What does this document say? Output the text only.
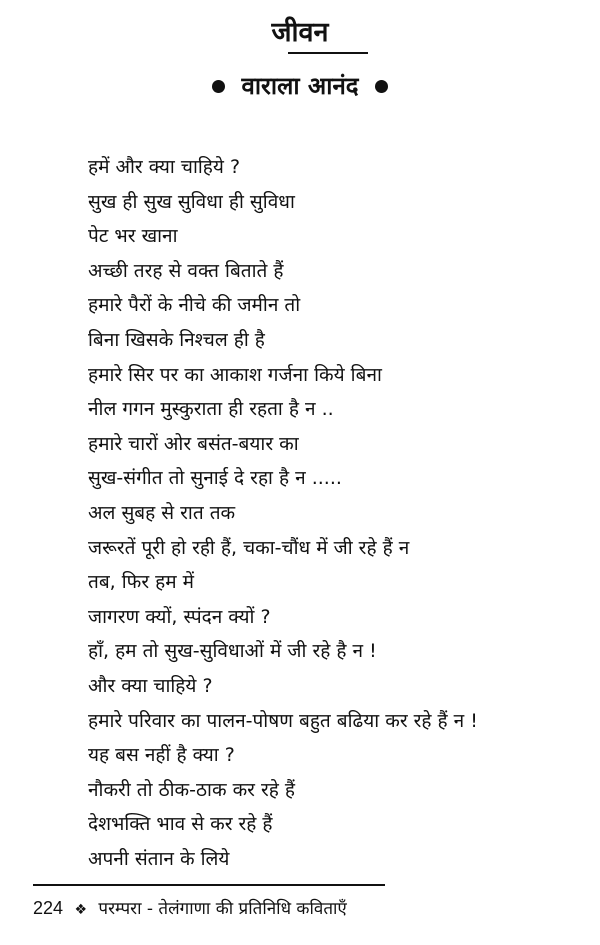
जीवन
वाराला आनंद
हमें और क्या चाहिये ?
सुख ही सुख सुविधा ही सुविधा
पेट भर खाना
अच्छी तरह से वक्त बिताते हैं
हमारे पैरों के नीचे की जमीन तो
बिना खिसके निश्चल ही है
हमारे सिर पर का आकाश गर्जना किये बिना
नील गगन मुस्कुराता ही रहता है न ..
हमारे चारों ओर बसंत-बयार का
सुख-संगीत तो सुनाई दे रहा है न .....
अल सुबह से रात तक
जरूरतें पूरी हो रही हैं, चका-चौंध में जी रहे हैं न
तब, फिर हम में
जागरण क्यों, स्पंदन क्यों ?
हाँ, हम तो सुख-सुविधाओं में जी रहे है न !
और क्या चाहिये ?
हमारे परिवार का पालन-पोषण बहुत बढिया कर रहे हैं न !
यह बस नहीं है क्या ?
नौकरी तो ठीक-ठाक कर रहे हैं
देशभक्ति भाव से कर रहे हैं
अपनी संतान के लिये
224 ❖ परम्परा - तेलंगाणा की प्रतिनिधि कविताएँ
